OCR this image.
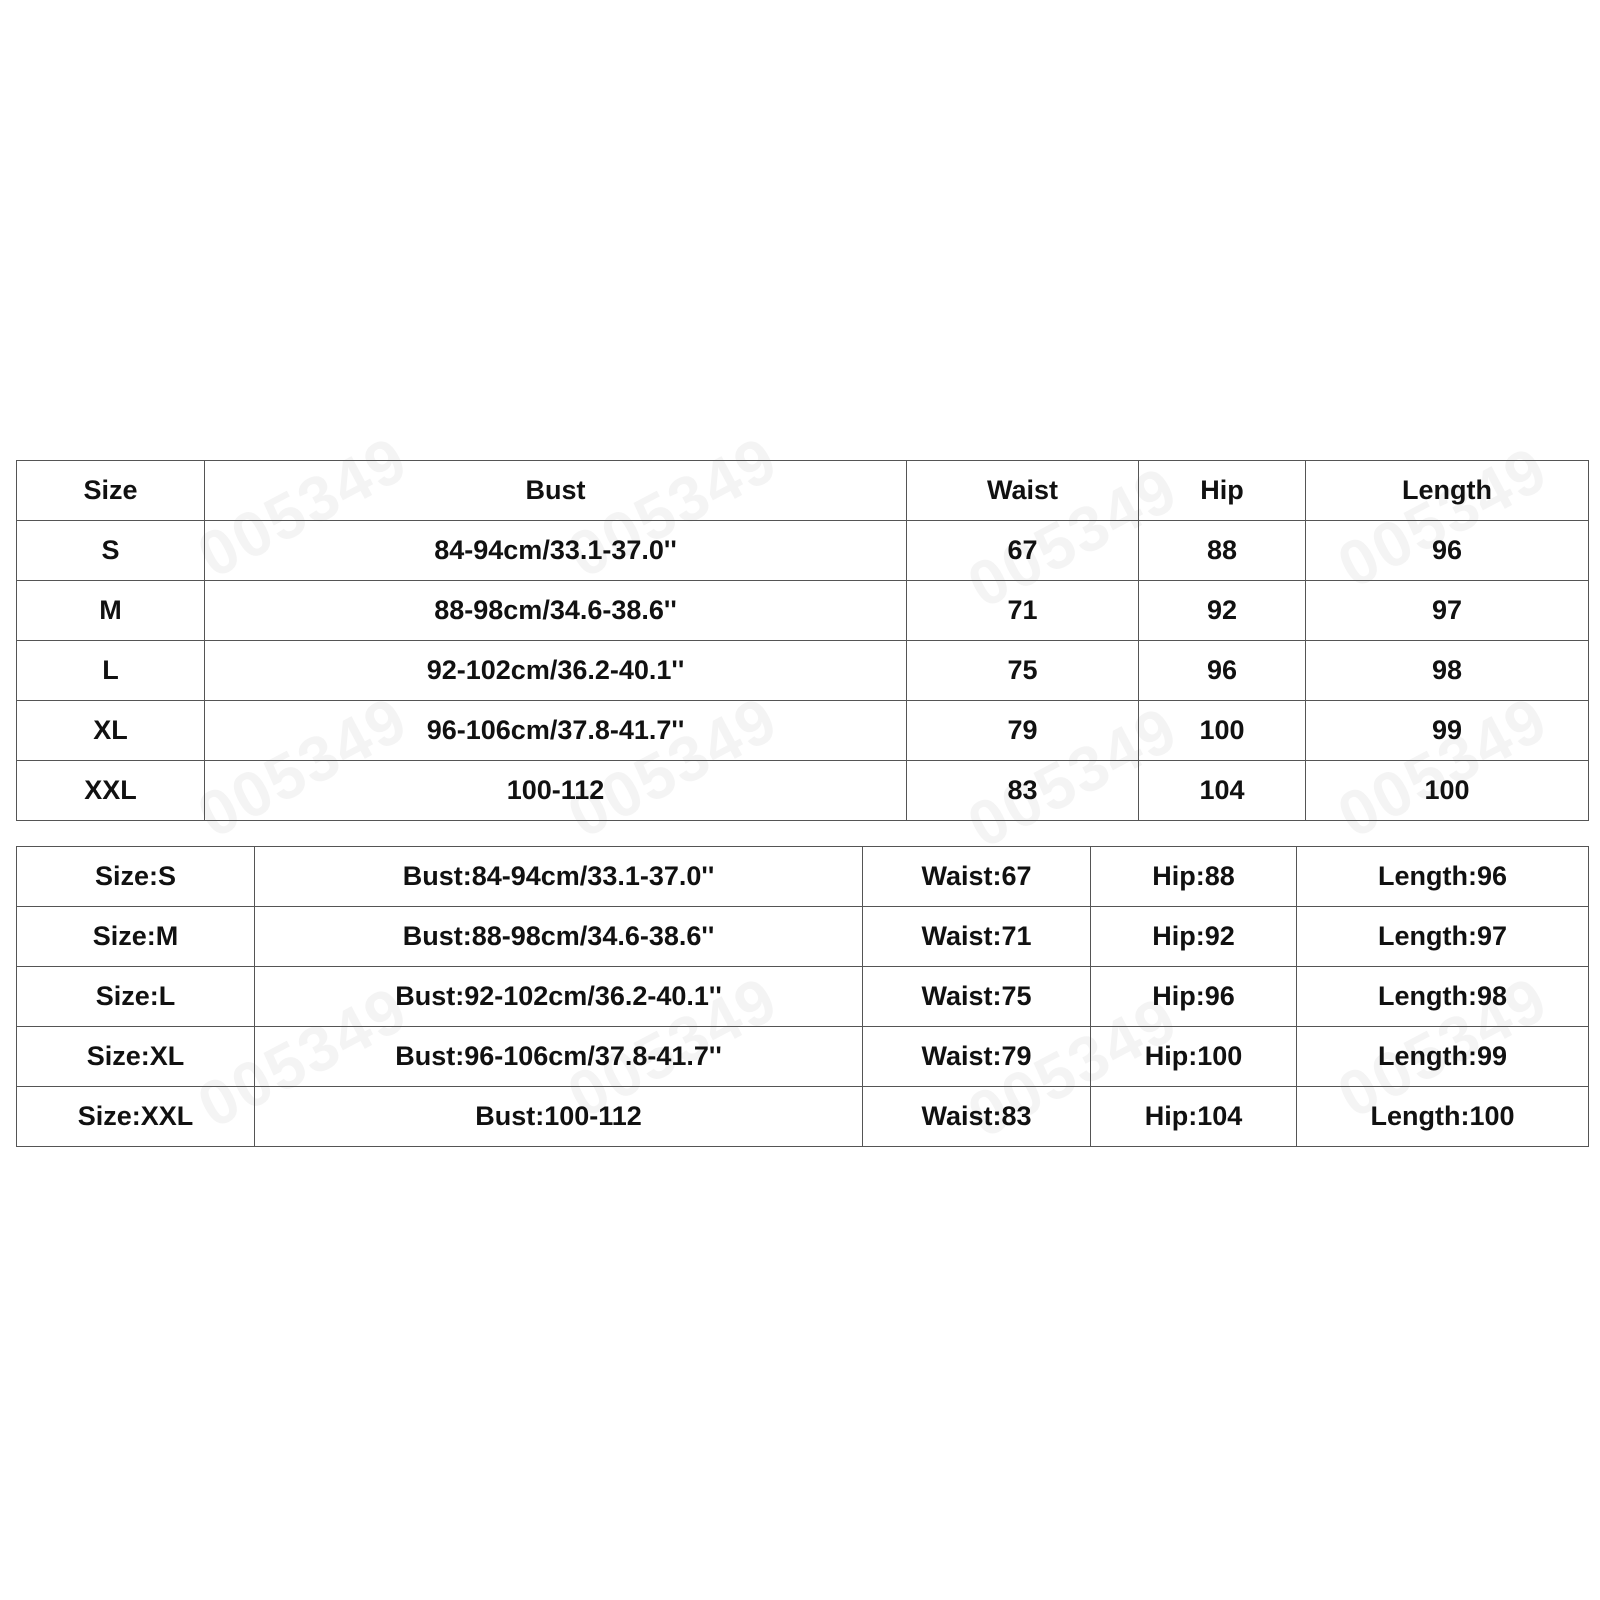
Size	Bust	Waist	Hip	Length
S	84-94cm/33.1-37.0''	67	88	96
M	88-98cm/34.6-38.6''	71	92	97
L	92-102cm/36.2-40.1''	75	96	98
XL	96-106cm/37.8-41.7''	79	100	99
XXL	100-112	83	104	100
Size:S	Bust:84-94cm/33.1-37.0''	Waist:67	Hip:88	Length:96
Size:M	Bust:88-98cm/34.6-38.6''	Waist:71	Hip:92	Length:97
Size:L	Bust:92-102cm/36.2-40.1''	Waist:75	Hip:96	Length:98
Size:XL	Bust:96-106cm/37.8-41.7''	Waist:79	Hip:100	Length:99
Size:XXL	Bust:100-112	Waist:83	Hip:104	Length:100
